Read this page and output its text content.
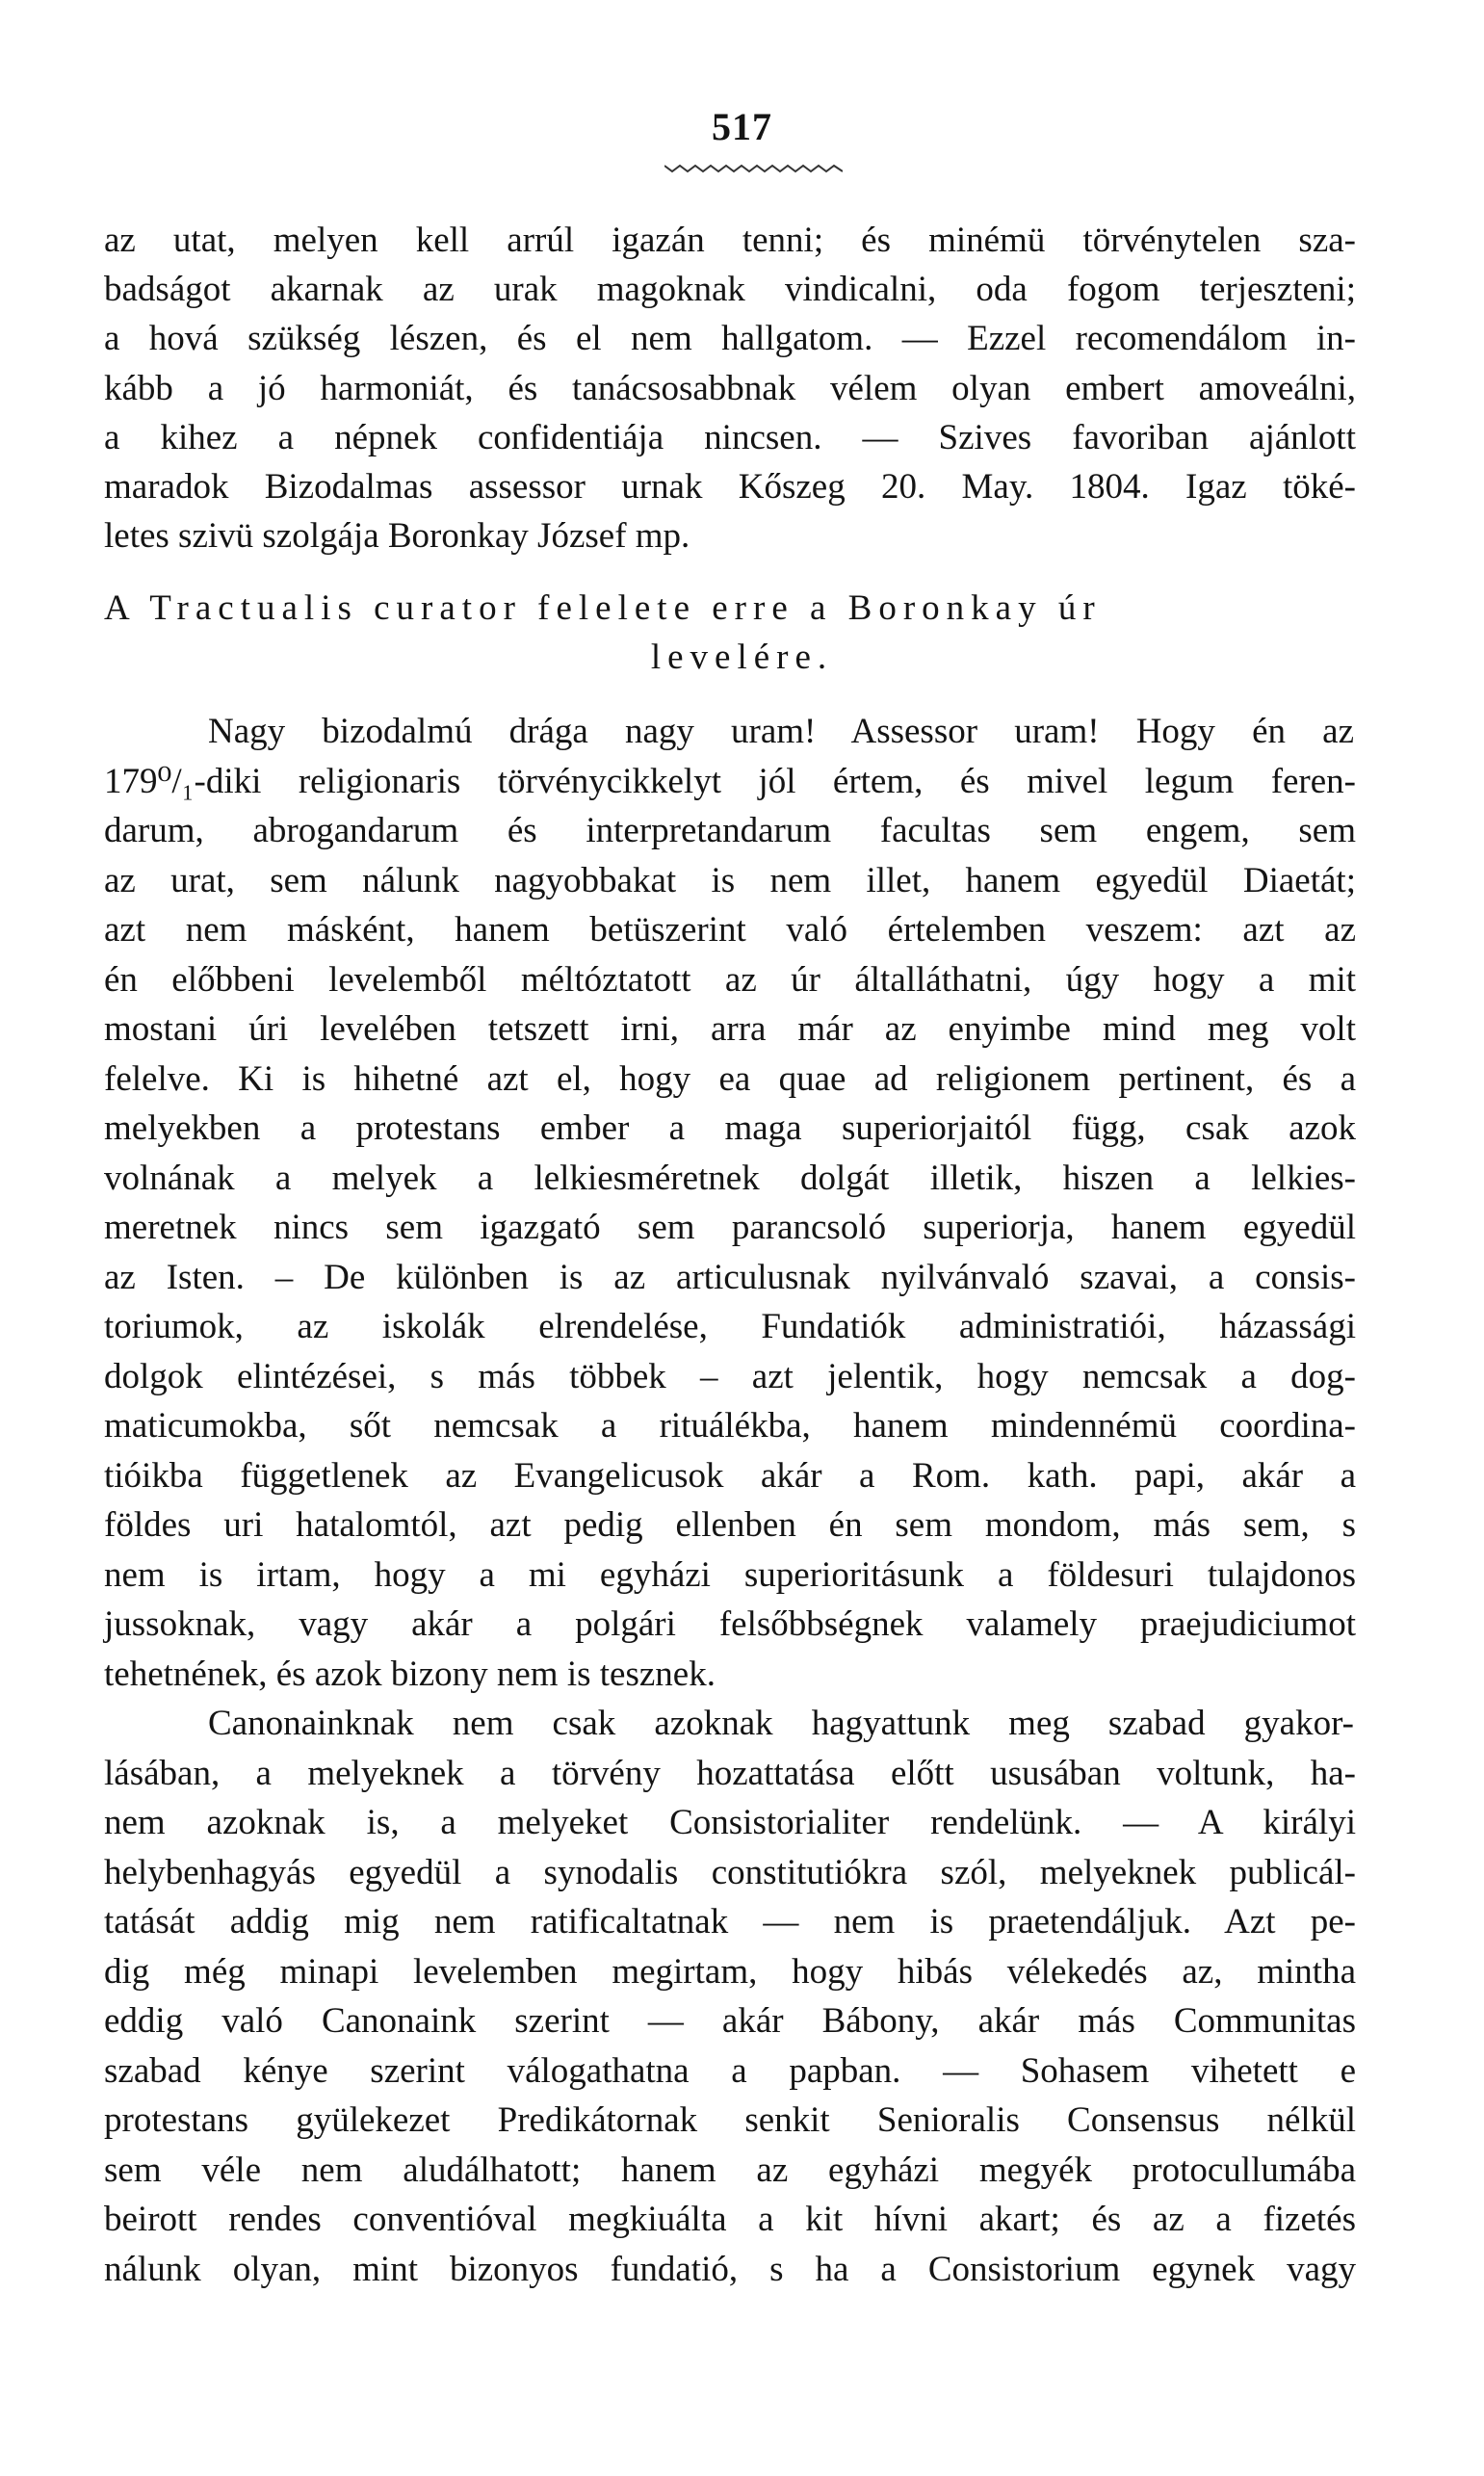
517
az utat, melyen kell arrúl igazán tenni; és minémü törvénytelen sza-
badságot akarnak az urak magoknak vindicalni, oda fogom terjeszteni;
a hová szükség lészen, és el nem hallgatom. — Ezzel recomendálom in-
kább a jó harmoniát, és tanácsosabbnak vélem olyan embert amoveálni,
a kihez a népnek confidentiája nincsen. — Szives favoriban ajánlott
maradok Bizodalmas assessor urnak Kőszeg 20. May. 1804. Igaz töké-
letes szivü szolgája Boronkay József mp.
A Tractualis curator felelete erre a Boronkay úr
levelére.
Nagy bizodalmú drága nagy uram! Assessor uram! Hogy én az
179⁰/₁-diki religionaris törvénycikkelyt jól értem, és mivel legum feren-
darum, abrogandarum és interpretandarum facultas sem engem, sem
az urat, sem nálunk nagyobbakat is nem illet, hanem egyedül Diaetát;
azt nem másként, hanem betüszerint való értelemben veszem: azt az
én előbbeni levelemből méltóztatott az úr általláthatni, úgy hogy a mit
mostani úri levelében tetszett irni, arra már az enyimbe mind meg volt
felelve. Ki is hihetné azt el, hogy ea quae ad religionem pertinent, és a
melyekben a protestans ember a maga superiorjaitól függ, csak azok
volnának a melyek a lelkiesméretnek dolgát illetik, hiszen a lelkies-
meretnek nincs sem igazgató sem parancsoló superiorja, hanem egyedül
az Isten. – De különben is az articulusnak nyilvánvaló szavai, a consis-
toriumok, az iskolák elrendelése, Fundatiók administratiói, házassági
dolgok elintézései, s más többek – azt jelentik, hogy nemcsak a dog-
maticumokba, sőt nemcsak a rituálékba, hanem mindennémü coordina-
tióikba függetlenek az Evangelicusok akár a Rom. kath. papi, akár a
földes uri hatalomtól, azt pedig ellenben én sem mondom, más sem, s
nem is irtam, hogy a mi egyházi superioritásunk a földesuri tulajdonos
jussoknak, vagy akár a polgári felsőbbségnek valamely praejudiciumot
tehetnének, és azok bizony nem is tesznek.
Canonainknak nem csak azoknak hagyattunk meg szabad gyakor-
lásában, a melyeknek a törvény hozattatása előtt ususában voltunk, ha-
nem azoknak is, a melyeket Consistorialiter rendelünk. — A királyi
helybenhagyás egyedül a synodalis constitutiókra szól, melyeknek publicál-
tatását addig mig nem ratificaltatnak — nem is praetendáljuk. Azt pe-
dig még minapi levelemben megirtam, hogy hibás vélekedés az, mintha
eddig való Canonaink szerint — akár Bábony, akár más Communitas
szabad kénye szerint válogathatna a papban. — Sohasem vihetett e
protestans gyülekezet Predikátornak senkit Senioralis Consensus nélkül
sem véle nem aludálhatott; hanem az egyházi megyék protocullumába
beirott rendes conventióval megkiuálta a kit hívni akart; és az a fizetés
nálunk olyan, mint bizonyos fundatió, s ha a Consistorium egynek vagy
